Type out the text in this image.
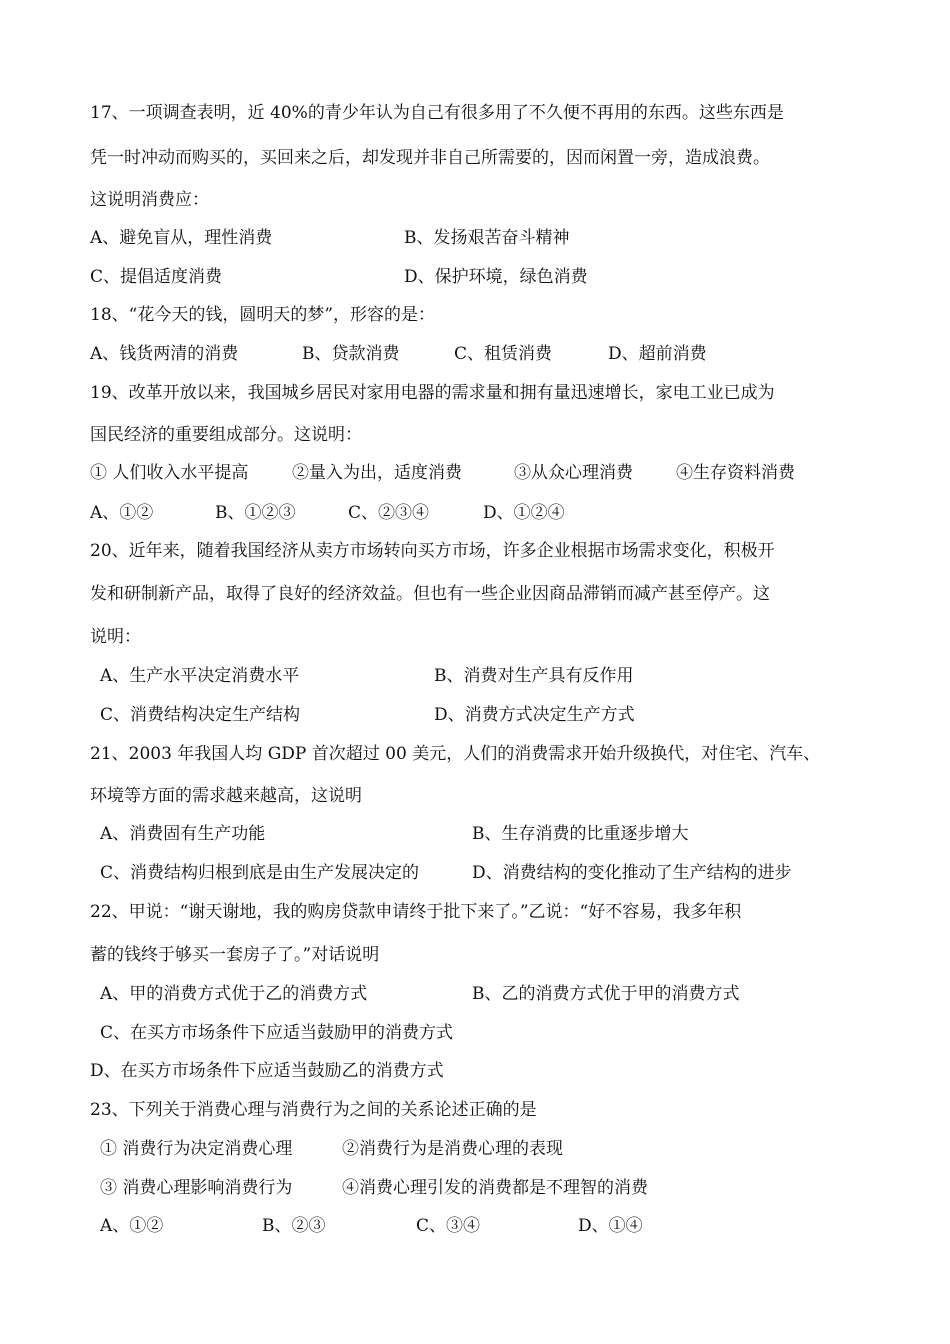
17、一项调查表明，近 40%的青少年认为自己有很多用了不久便不再用的东西。这些东西是
凭一时冲动而购买的，买回来之后，却发现并非自己所需要的，因而闲置一旁，造成浪费。
这说明消费应：
A、避免盲从，理性消费	B、发扬艰苦奋斗精神
C、提倡适度消费	D、保护环境，绿色消费
18、“花今天的钱，圆明天的梦”，形容的是：
A、钱货两清的消费	B、贷款消费	C、租赁消费	D、超前消费
19、改革开放以来，我国城乡居民对家用电器的需求量和拥有量迅速增长，家电工业已成为
国民经济的重要组成部分。这说明：
① 人们收入水平提高	②量入为出，适度消费	③从众心理消费	④生存资料消费
A、①②	B、①②③	C、②③④	D、①②④
20、近年来，随着我国经济从卖方市场转向买方市场，许多企业根据市场需求变化，积极开
发和研制新产品，取得了良好的经济效益。但也有一些企业因商品滞销而减产甚至停产。这
说明：
A、生产水平决定消费水平	B、消费对生产具有反作用
C、消费结构决定生产结构	D、消费方式决定生产方式
21、2003 年我国人均 GDP 首次超过 00 美元，人们的消费需求开始升级换代，对住宅、汽车、
环境等方面的需求越来越高，这说明
A、消费固有生产功能	B、生存消费的比重逐步增大
C、消费结构归根到底是由生产发展决定的	D、消费结构的变化推动了生产结构的进步
22、甲说：“谢天谢地，我的购房贷款申请终于批下来了。”乙说：“好不容易，我多年积
蓄的钱终于够买一套房子了。”对话说明
A、甲的消费方式优于乙的消费方式	B、乙的消费方式优于甲的消费方式
C、在买方市场条件下应适当鼓励甲的消费方式
D、在买方市场条件下应适当鼓励乙的消费方式
23、下列关于消费心理与消费行为之间的关系论述正确的是
① 消费行为决定消费心理	②消费行为是消费心理的表现
③ 消费心理影响消费行为	④消费心理引发的消费都是不理智的消费
A、①②	B、②③	C、③④	D、①④
